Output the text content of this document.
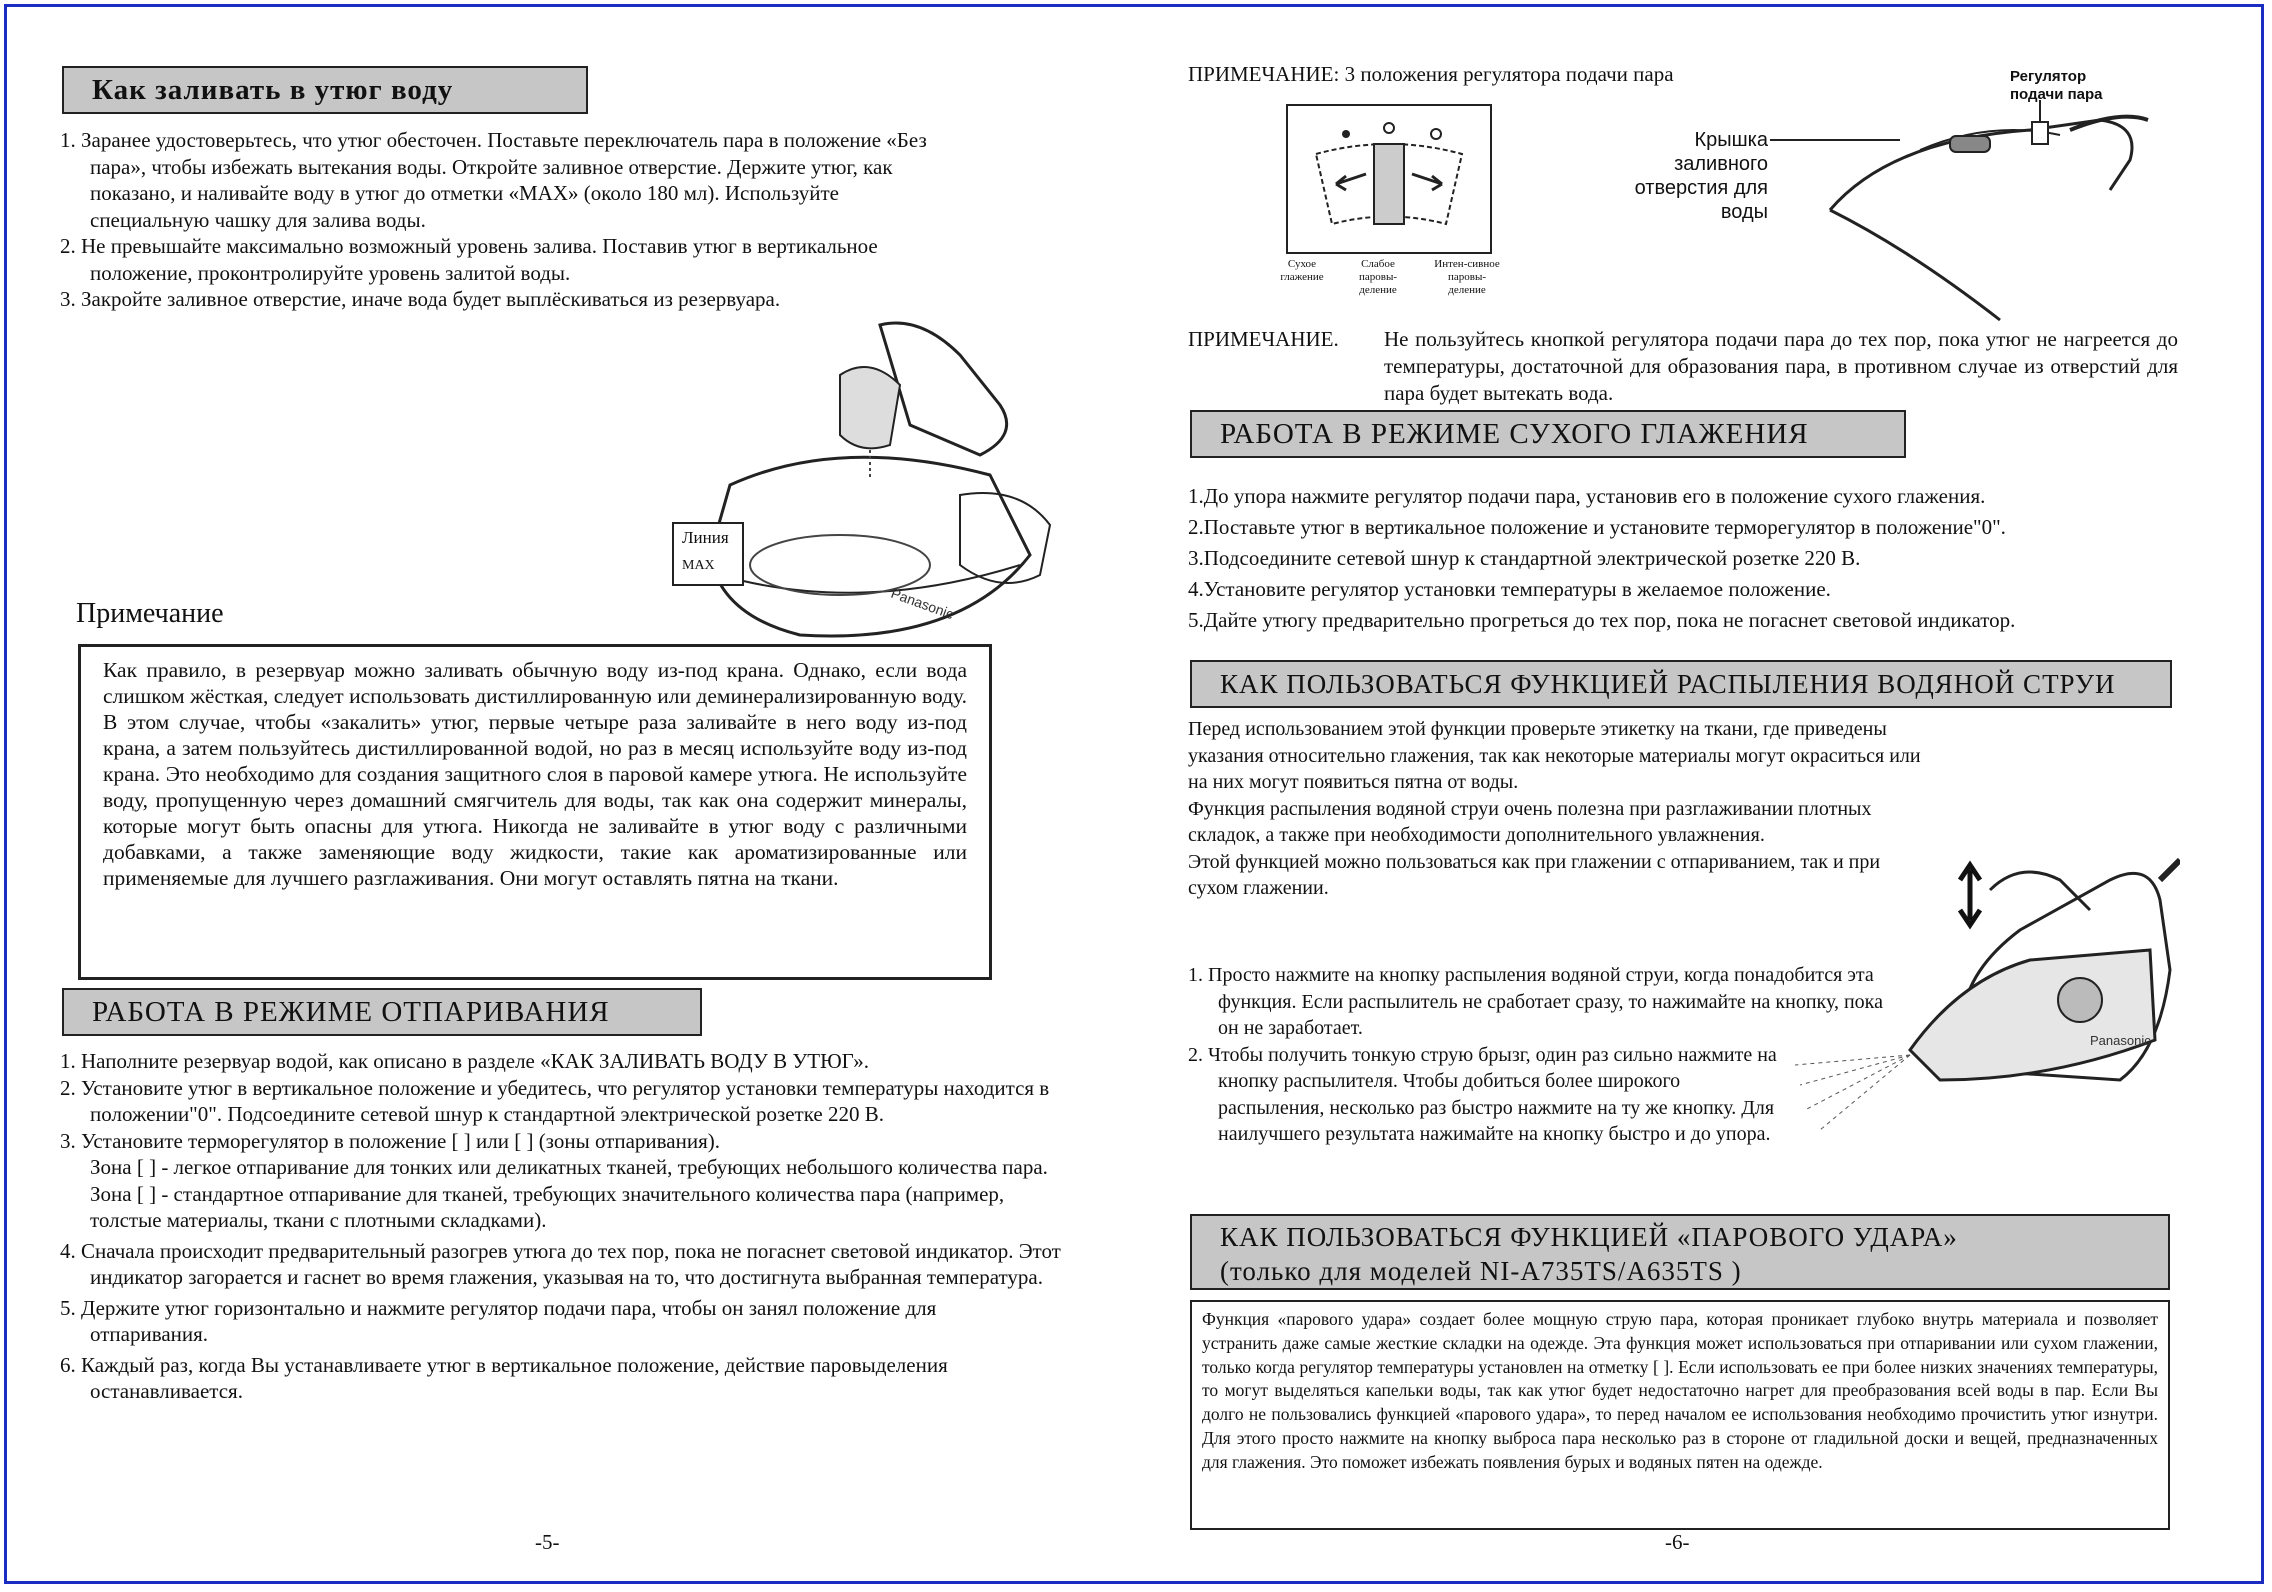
Как заливать в утюг воду

1. Заранее удостоверьтесь, что утюг обесточен. Поставьте переключатель пара в положение «Без пара», чтобы избежать вытекания воды. Откройте заливное отверстие. Держите утюг, как показано, и наливайте воду в утюг до отметки «MAX» (около 180 мл). Используйте специальную чашку для залива воды.

2. Не превышайте максимально возможный уровень залива. Поставив утюг в вертикальное положение, проконтролируйте уровень залитой воды.

3. Закройте заливное отверстие, иначе вода будет выплёскиваться из резервуара.

Panasonic
Линия
MAX
Примечание

Как правило, в резервуар можно заливать обычную воду из-под крана. Однако, если вода слишком жёсткая, следует использовать дистиллированную или деминерализированную воду. В этом случае, чтобы «закалить» утюг, первые четыре раза заливайте в него воду из-под крана, а затем пользуйтесь дистиллированной водой, но раз в месяц используйте воду из-под крана. Это необходимо для создания защитного слоя в паровой камере утюга. Не используйте воду, пропущенную через домашний смягчитель для воды, так как она содержит минералы, которые могут быть опасны для утюга. Никогда не заливайте в утюг воду с различными добавками, а также заменяющие воду жидкости, такие как ароматизированные или применяемые для лучшего разглаживания. Они могут оставлять пятна на ткани.

РАБОТА В РЕЖИМЕ ОТПАРИВАНИЯ

1. Наполните резервуар водой, как описано в разделе «КАК ЗАЛИВАТЬ ВОДУ В УТЮГ».

2. Установите утюг в вертикальное положение и убедитесь, что регулятор установки температуры находится в положении"0". Подсоедините сетевой шнур к стандартной электрической розетке 220 В.

3. Установите терморегулятор в положение [ ] или [ ] (зоны отпаривания).

Зона [ ] - легкое отпаривание для тонких или деликатных тканей, требующих небольшого количества пара.

Зона [ ] - стандартное отпаривание для тканей, требующих значительного количества пара (например, толстые материалы, ткани с плотными складками).

4. Сначала происходит предварительный разогрев утюга до тех пор, пока не погаснет световой индикатор. Этот индикатор загорается и гаснет во время глажения, указывая на то, что достигнута выбранная температура.

5. Держите утюг горизонтально и нажмите регулятор подачи пара, чтобы он занял положение для отпаривания.

6. Каждый раз, когда Вы устанавливаете утюг в вертикальное положение, действие паровыделения останавливается.

-5-
ПРИМЕЧАНИЕ: 3 положения регулятора подачи пара
Сухое глажение
Слабое паровы-деление
Интен-сивное паровы-деление
Крышка заливного отверстия для воды
Регулятор подачи пара
ПРИМЕЧАНИЕ. Не пользуйтесь кнопкой регулятора подачи пара до тех пор, пока утюг не нагреется до температуры, достаточной для образования пара, в противном случае из отверстий для пара будет вытекать вода.
РАБОТА В РЕЖИМЕ СУХОГО ГЛАЖЕНИЯ

1.До упора нажмите регулятор подачи пара, установив его в положение сухого глажения.

2.Поставьте утюг в вертикальное положение и установите терморегулятор в положение"0".

3.Подсоедините сетевой шнур к стандартной электрической розетке 220 В.

4.Установите регулятор установки температуры в желаемое положение.

5.Дайте утюгу предварительно прогреться до тех пор, пока не погаснет световой индикатор.

КАК ПОЛЬЗОВАТЬСЯ ФУНКЦИЕЙ РАСПЫЛЕНИЯ ВОДЯНОЙ СТРУИ

Перед использованием этой функции проверьте этикетку на ткани, где приведены указания относительно глажения, так как некоторые материалы могут окраситься или на них могут появиться пятна от воды.

Функция распыления водяной струи очень полезна при разглаживании плотных складок, а также при необходимости дополнительного увлажнения.

Этой функцией можно пользоваться как при глажении с отпариванием, так и при сухом глажении.

1. Просто нажмите на кнопку распыления водяной струи, когда понадобится эта функция. Если распылитель не сработает сразу, то нажимайте на кнопку, пока он не заработает.

2. Чтобы получить тонкую струю брызг, один раз сильно нажмите на кнопку распылителя. Чтобы добиться более широкого распыления, несколько раз быстро нажмите на ту же кнопку. Для наилучшего результата нажимайте на кнопку быстро и до упора.

Panasonic
КАК ПОЛЬЗОВАТЬСЯ ФУНКЦИЕЙ «ПАРОВОГО УДАРА»
(только для моделей NI-A735TS/A635TS )

Функция «парового удара» создает более мощную струю пара, которая проникает глубоко внутрь материала и позволяет устранить даже самые жесткие складки на одежде. Эта функция может использоваться при отпаривании или сухом глажении, только когда регулятор температуры установлен на отметку [ ]. Если использовать ее при более низких значениях температуры, то могут выделяться капельки воды, так как утюг будет недостаточно нагрет для преобразования всей воды в пар. Если Вы долго не пользовались функцией «парового удара», то перед началом ее использования необходимо прочистить утюг изнутри. Для этого просто нажмите на кнопку выброса пара несколько раз в стороне от гладильной доски и вещей, предназначенных для глажения. Это поможет избежать появления бурых и водяных пятен на одежде.

-6-
